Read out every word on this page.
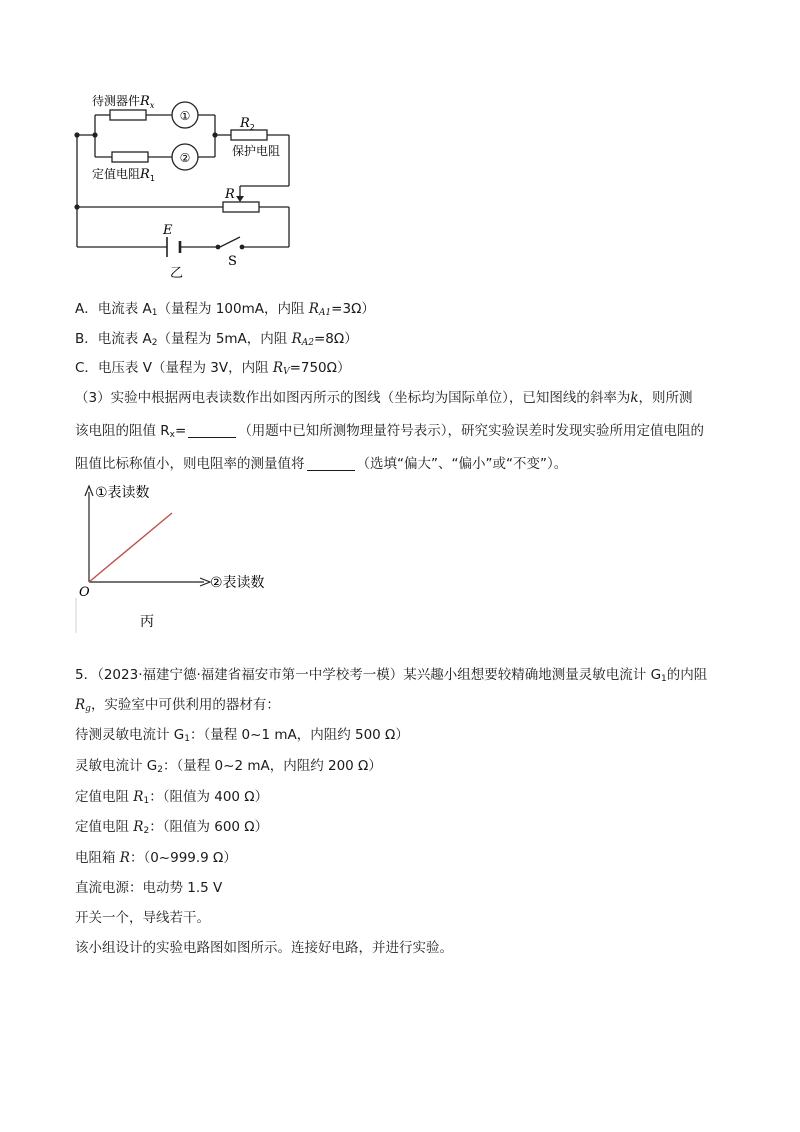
①
②
待测器件$R_x$
定值电阻$R_1$
$R_2$
保护电阻
R
E
S
乙
A．电流表 $A_1$（量程为 100mA，内阻 $R_{A1}=3\Omega$）
B．电流表 $A_2$（量程为 5mA，内阻 $R_{A2}=8\Omega$）
C．电压表 V（量程为 3V，内阻 $R_V=750\Omega$）
（3）实验中根据两电表读数作出如图丙所示的图线（坐标均为国际单位），已知图线的斜率为k，则所测
该电阻的阻值 $R_x=$	（用题中已知所测物理量符号表示），研究实验误差时发现实验所用定值电阻的
阻值比标称值小，则电阻率的测量值将	（选填“偏大”、“偏小”或“不变”）。
①表读数
②表读数
O
丙
5．（2023·福建宁德·福建省福安市第一中学校考一模）某兴趣小组想要较精确地测量灵敏电流计 $G_1$的内阻
$R_g$，实验室中可供利用的器材有：
待测灵敏电流计 $G_1$：（量程 0~1 mA，内阻约 500 Ω）
灵敏电流计 $G_2$：（量程 0~2 mA，内阻约 200 Ω）
定值电阻 $R_1$：（阻值为 400 Ω）
定值电阻 $R_2$：（阻值为 600 Ω）
电阻箱 R：（0~999.9 Ω）
直流电源：电动势 1.5 V
开关一个，导线若干。
该小组设计的实验电路图如图所示。连接好电路，并进行实验。
